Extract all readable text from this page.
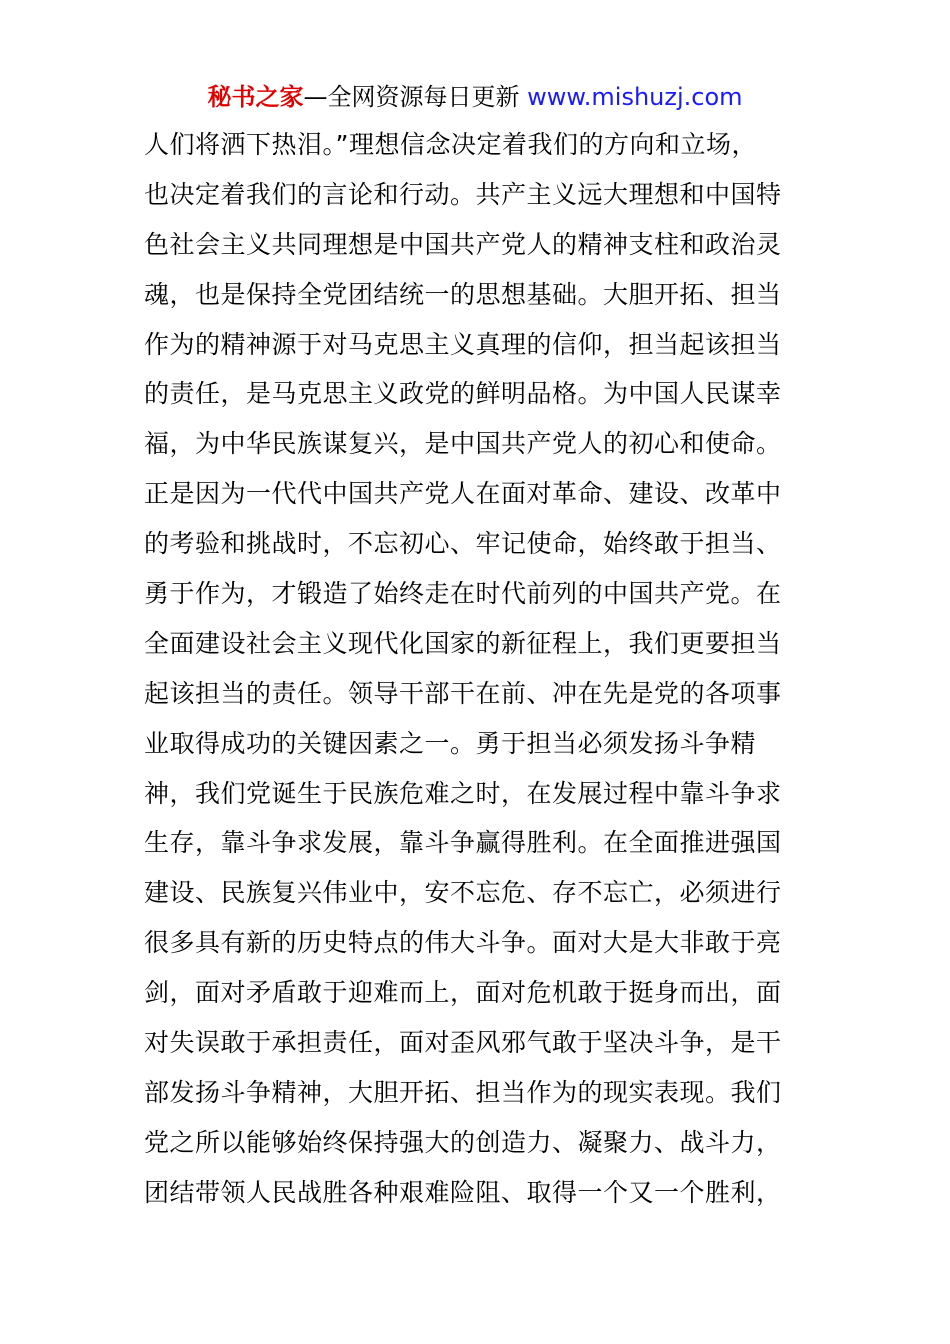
秘书之家—全网资源每日更新 www.mishuzj.com
人们将洒下热泪。”理想信念决定着我们的方向和立场，
也决定着我们的言论和行动。共产主义远大理想和中国特
色社会主义共同理想是中国共产党人的精神支柱和政治灵
魂，也是保持全党团结统一的思想基础。大胆开拓、担当
作为的精神源于对马克思主义真理的信仰，担当起该担当
的责任，是马克思主义政党的鲜明品格。为中国人民谋幸
福，为中华民族谋复兴，是中国共产党人的初心和使命。
正是因为一代代中国共产党人在面对革命、建设、改革中
的考验和挑战时，不忘初心、牢记使命，始终敢于担当、
勇于作为，才锻造了始终走在时代前列的中国共产党。在
全面建设社会主义现代化国家的新征程上，我们更要担当
起该担当的责任。领导干部干在前、冲在先是党的各项事
业取得成功的关键因素之一。勇于担当必须发扬斗争精
神，我们党诞生于民族危难之时，在发展过程中靠斗争求
生存，靠斗争求发展，靠斗争赢得胜利。在全面推进强国
建设、民族复兴伟业中，安不忘危、存不忘亡，必须进行
很多具有新的历史特点的伟大斗争。面对大是大非敢于亮
剑，面对矛盾敢于迎难而上，面对危机敢于挺身而出，面
对失误敢于承担责任，面对歪风邪气敢于坚决斗争，是干
部发扬斗争精神，大胆开拓、担当作为的现实表现。我们
党之所以能够始终保持强大的创造力、凝聚力、战斗力，
团结带领人民战胜各种艰难险阻、取得一个又一个胜利，
